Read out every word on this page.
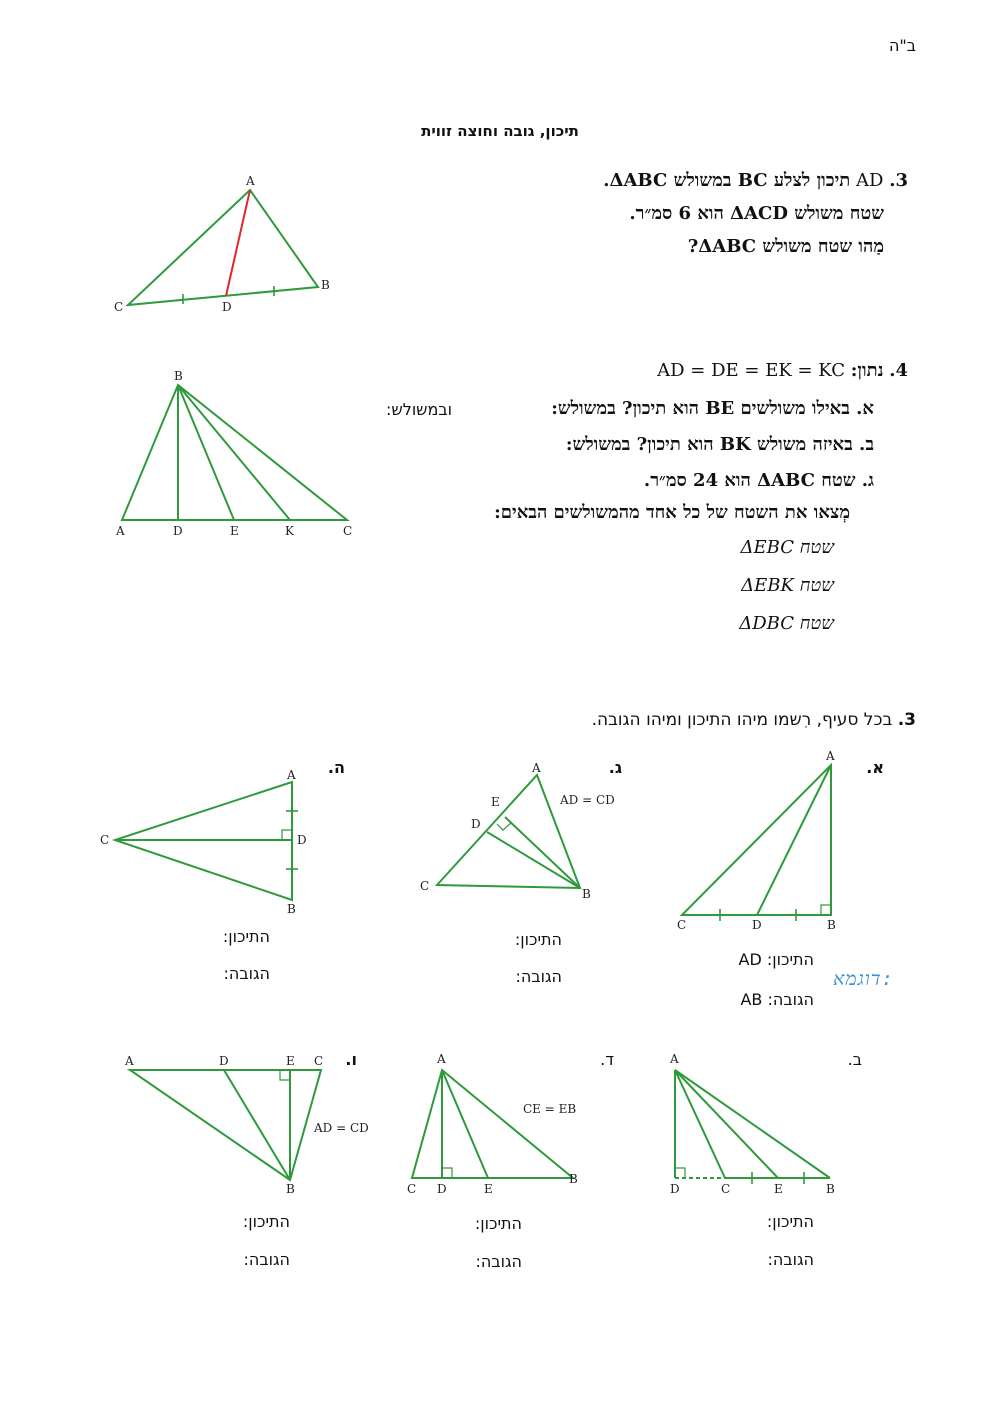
ב"ה
תיכון, גובה וחוצה זווית
3. AD תיכון לצלע BC במשולש ΔABC.
שטח משולש ΔACD הוא 6 סמ״ר.
מַהו שטח משולש ΔABC?
A
B
C	D
4. נתון: AD = DE = EK = KC
א. באילו משולשים BE הוא תיכון? במשולש:
ובמשולש:
ב. באיזה משולש BK הוא תיכון? במשולש:
ג. שטח ΔABC הוא 24 סמ״ר.
מְצאו את השטח של כל אחד מהמשולשים הבאים:
שטח ΔEBC
שטח ΔEBK
שטח ΔDBC
B
A	D	E	K	C
3. בכל סעיף, רִשמו מיהו התיכון ומיהו הגובה.
א.
A
B
C	D
התיכון: AD
הגובה: AB
:דוגמא
ג.
A
B
C
D
E	AD = CD
התיכון:
הגובה:
ה.
A
B
C	D
התיכון:
הגובה:
ב.
A
D	C	E	B
התיכון:
הגובה:
ד.
A
C D	E
B
CE = EB
התיכון:
הגובה:
ו.
A	D	E C
B
AD = CD
התיכון:
הגובה:
